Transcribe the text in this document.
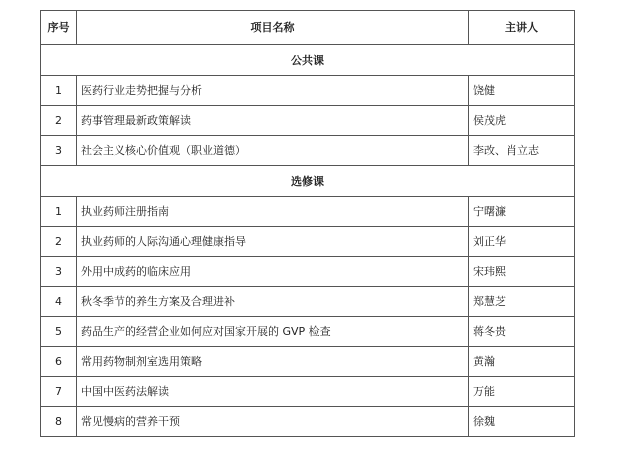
序号	项目名称	主讲人
公共课		
1	医药行业走势把握与分析	饶健
2	药事管理最新政策解读	侯茂虎
3	社会主义核心价值观（职业道德）	李改、肖立志
选修课		
1	执业药师注册指南	宁曙濂
2	执业药师的人际沟通心理健康指导	刘正华
3	外用中成药的临床应用	宋玮熙
4	秋冬季节的养生方案及合理进补	郑慧芝
5	药品生产的经营企业如何应对国家开展的 GVP 检查	蒋冬贵
6	常用药物制剂室选用策略	黄瀚
7	中国中医药法解读	万能
8	常见慢病的营养干预	徐魏
